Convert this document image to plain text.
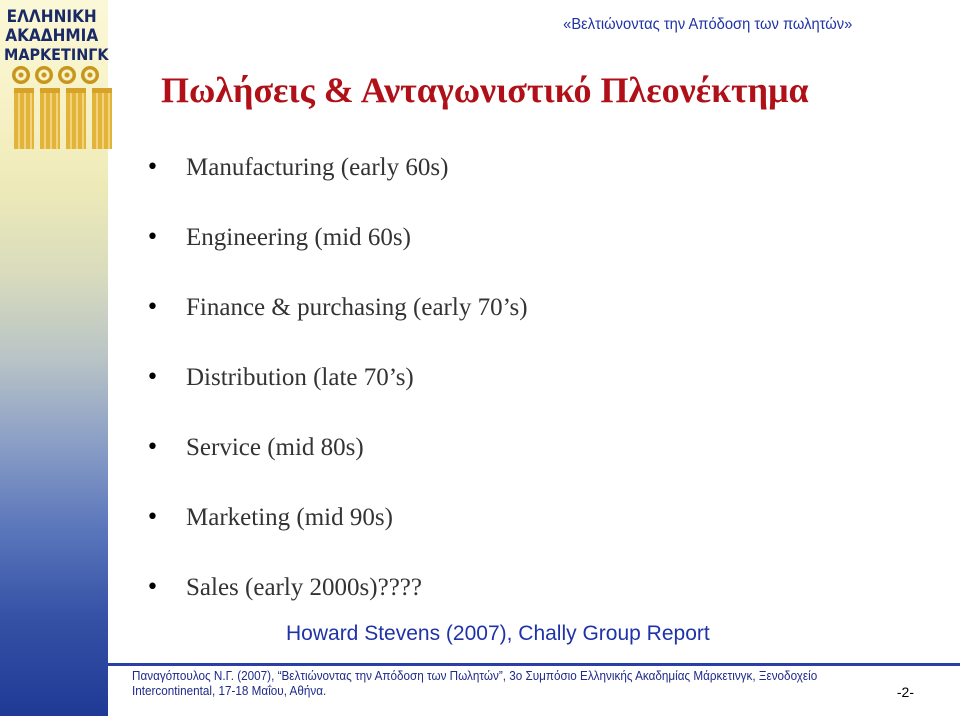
ΕΛΛΗΝΙΚΗ
ΑΚΑΔΗΜΙΑ
ΜΑΡΚΕΤΙΝΓΚ
«Βελτιώνοντας την Απόδοση των πωλητών»
Πωλήσεις & Ανταγωνιστικό Πλεονέκτημα
•	Manufacturing (early 60s)
•	Engineering (mid 60s)
•	Finance & purchasing (early 70’s)
•	Distribution (late 70’s)
•	Service (mid 80s)
•	Marketing (mid 90s)
•	Sales (early 2000s)????
Howard Stevens (2007), Chally Group Report
Παναγόπουλος Ν.Γ. (2007), “Βελτιώνοντας την Απόδοση των Πωλητών”, 3ο Συμπόσιο Ελληνικής Ακαδημίας Μάρκετινγκ, Ξενοδοχείο
Intercontinental, 17-18 Μαΐου, Αθήνα.	-2-
